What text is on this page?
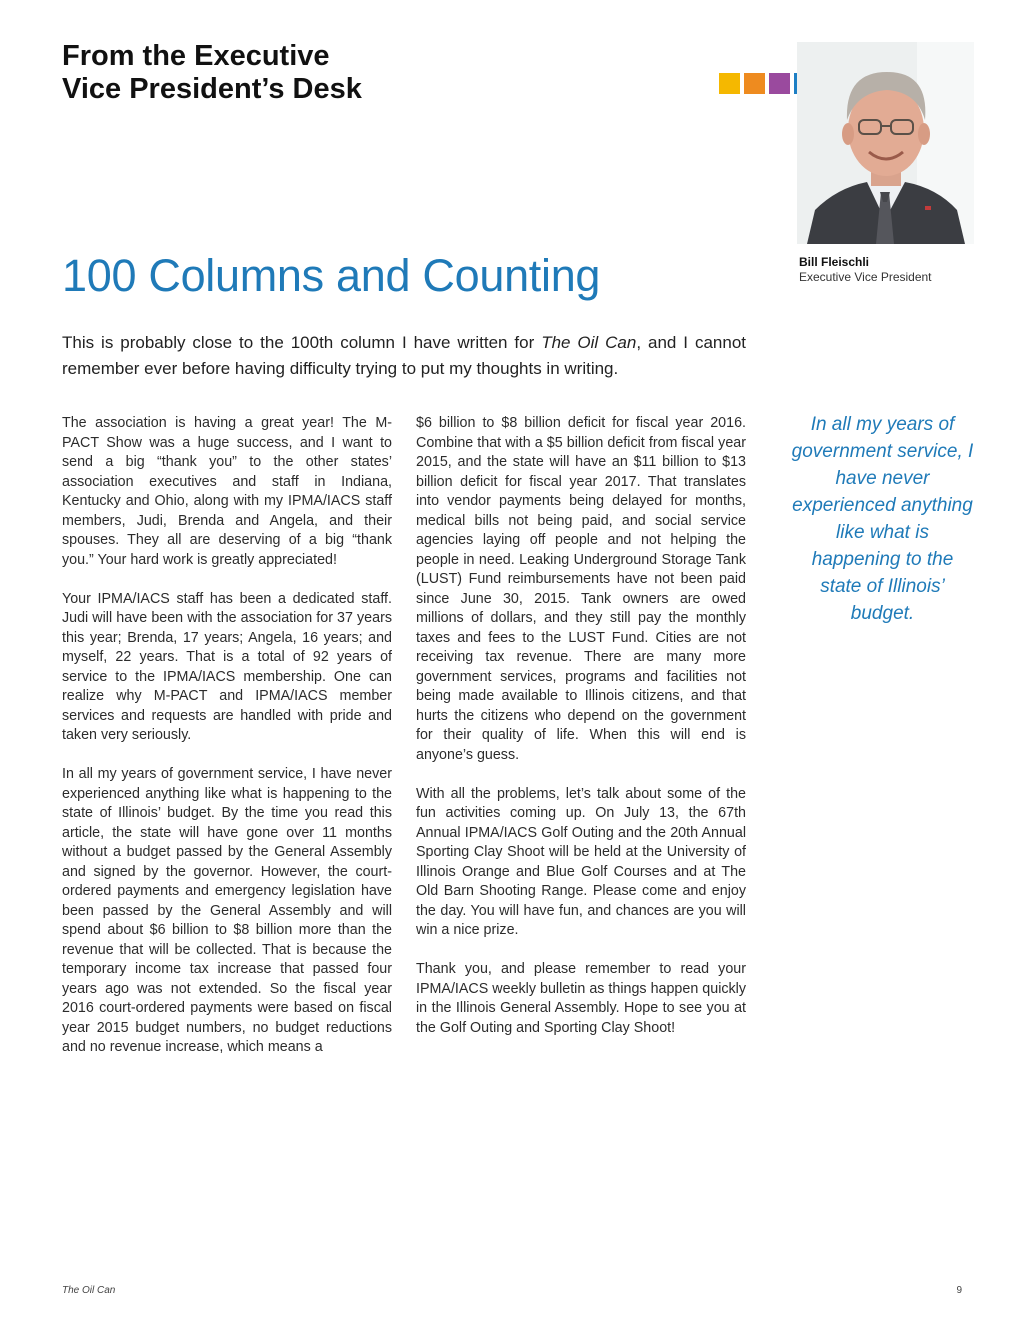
From the Executive
Vice President’s Desk
Bill Fleischli
Executive Vice President
100 Columns and Counting

This is probably close to the 100th column I have written for The Oil Can, and I cannot remember ever before having difficulty trying to put my thoughts in writing.

The association is having a great year! The M-PACT Show was a huge success, and I want to send a big “thank you” to the other states’ association executives and staff in Indiana, Kentucky and Ohio, along with my IPMA/IACS staff members, Judi, Brenda and Angela, and their spouses. They all are deserving of a big “thank you.” Your hard work is greatly appreciated!

Your IPMA/IACS staff has been a dedicated staff. Judi will have been with the association for 37 years this year; Brenda, 17 years; Angela, 16 years; and myself, 22 years. That is a total of 92 years of service to the IPMA/IACS membership. One can realize why M-PACT and IPMA/IACS member services and requests are handled with pride and taken very seriously.

In all my years of government service, I have never experienced anything like what is happening to the state of Illinois’ budget. By the time you read this article, the state will have gone over 11 months without a budget passed by the General Assembly and signed by the governor. However, the court-ordered payments and emergency legislation have been passed by the General Assembly and will spend about $6 billion to $8 billion more than the revenue that will be collected. That is because the temporary income tax increase that passed four years ago was not extended. So the fiscal year 2016 court-ordered payments were based on fiscal year 2015 budget numbers, no budget reductions and no revenue increase, which means a

$6 billion to $8 billion deficit for fiscal year 2016. Combine that with a $5 billion deficit from fiscal year 2015, and the state will have an $11 billion to $13 billion deficit for fiscal year 2017. That translates into vendor payments being delayed for months, medical bills not being paid, and social service agencies laying off people and not helping the people in need. Leaking Underground Storage Tank (LUST) Fund reimbursements have not been paid since June 30, 2015. Tank owners are owed millions of dollars, and they still pay the monthly taxes and fees to the LUST Fund. Cities are not receiving tax revenue. There are many more government services, programs and facilities not being made available to Illinois citizens, and that hurts the citizens who depend on the government for their quality of life. When this will end is anyone’s guess.

With all the problems, let’s talk about some of the fun activities coming up. On July 13, the 67th Annual IPMA/IACS Golf Outing and the 20th Annual Sporting Clay Shoot will be held at the University of Illinois Orange and Blue Golf Courses and at The Old Barn Shooting Range. Please come and enjoy the day. You will have fun, and chances are you will win a nice prize.

Thank you, and please remember to read your IPMA/IACS weekly bulletin as things happen quickly in the Illinois General Assembly. Hope to see you at the Golf Outing and Sporting Clay Shoot!

In all my years of government service, I have never experienced anything like what is happening to the state of Illinois’ budget.

The Oil Can	9
